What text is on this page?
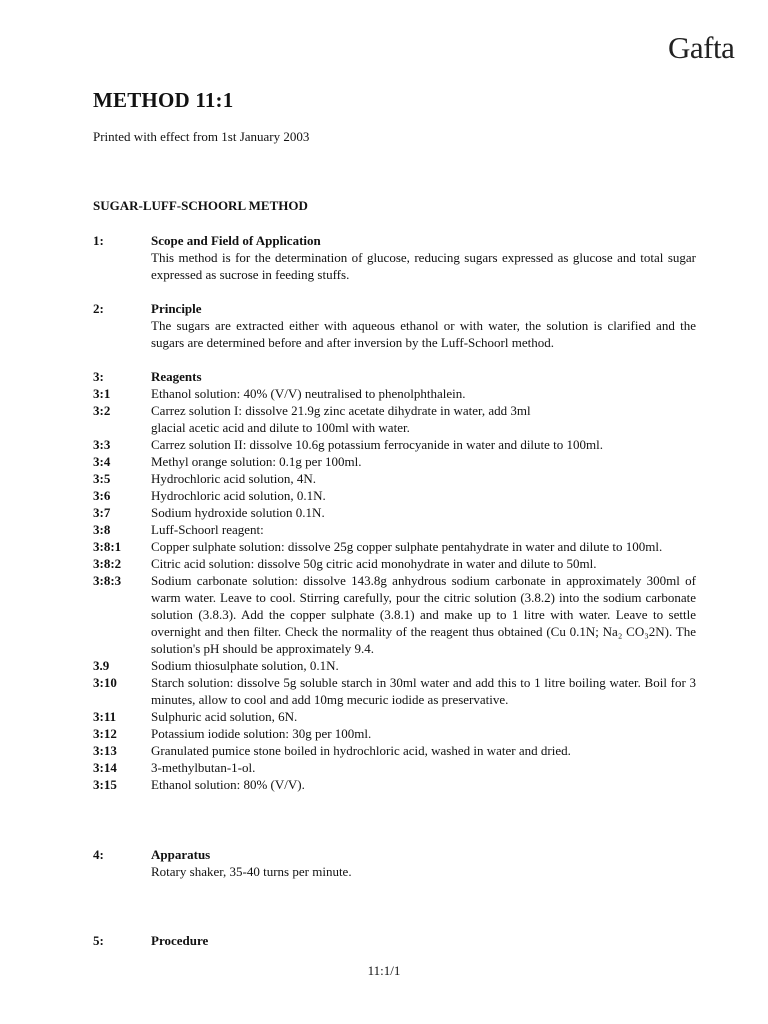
Gafta
METHOD 11:1
Printed with effect from 1st January 2003
SUGAR-LUFF-SCHOORL METHOD
1:	Scope and Field of Application
This method is for the determination of glucose, reducing sugars expressed as glucose and total sugar expressed as sucrose in feeding stuffs.
2:	Principle
The sugars are extracted either with aqueous ethanol or with water, the solution is clarified and the sugars are determined before and after inversion by the Luff-Schoorl method.
3:	Reagents
3:1	Ethanol solution: 40% (V/V) neutralised to phenolphthalein.
3:2	Carrez solution I: dissolve 21.9g zinc acetate dihydrate in water, add 3ml glacial acetic acid and dilute to 100ml with water.
3:3	Carrez solution II: dissolve 10.6g potassium ferrocyanide in water and dilute to 100ml.
3:4	Methyl orange solution: 0.1g per 100ml.
3:5	Hydrochloric acid solution, 4N.
3:6	Hydrochloric acid solution, 0.1N.
3:7	Sodium hydroxide solution 0.1N.
3:8	Luff-Schoorl reagent:
3:8:1	Copper sulphate solution: dissolve 25g copper sulphate pentahydrate in water and dilute to 100ml.
3:8:2	Citric acid solution: dissolve 50g citric acid monohydrate in water and dilute to 50ml.
3:8:3	Sodium carbonate solution: dissolve 143.8g anhydrous sodium carbonate in approximately 300ml of warm water. Leave to cool. Stirring carefully, pour the citric solution (3.8.2) into the sodium carbonate solution (3.8.3). Add the copper sulphate (3.8.1) and make up to 1 litre with water. Leave to settle overnight and then filter. Check the normality of the reagent thus obtained (Cu 0.1N; Na₂ CO₃2N). The solution's pH should be approximately 9.4.
3.9	Sodium thiosulphate solution, 0.1N.
3:10	Starch solution: dissolve 5g soluble starch in 30ml water and add this to 1 litre boiling water. Boil for 3 minutes, allow to cool and add 10mg mecuric iodide as preservative.
3:11	Sulphuric acid solution, 6N.
3:12	Potassium iodide solution: 30g per 100ml.
3:13	Granulated pumice stone boiled in hydrochloric acid, washed in water and dried.
3:14	3-methylbutan-1-ol.
3:15	Ethanol solution: 80% (V/V).
4:	Apparatus
Rotary shaker, 35-40 turns per minute.
5:	Procedure
11:1/1
